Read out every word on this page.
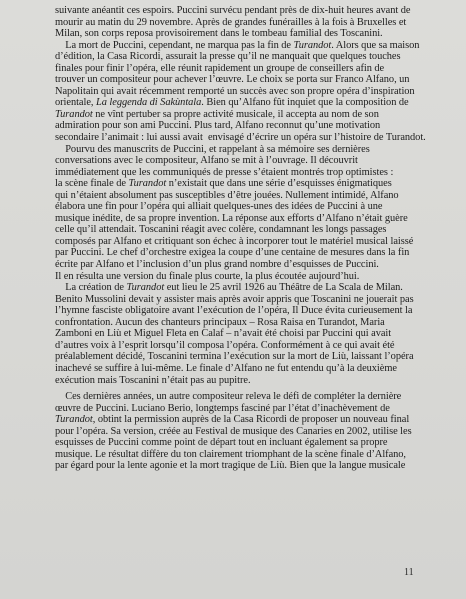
suivante anéantit ces espoirs. Puccini survécu pendant près de dix-huit heures avant de
mourir au matin du 29 novembre. Après de grandes funérailles à la fois à Bruxelles et
Milan, son corps reposa provisoirement dans le tombeau familial des Toscanini.
La mort de Puccini, cependant, ne marqua pas la fin de Turandot. Alors que sa maison
d’édition, la Casa Ricordi, assurait la presse qu’il ne manquait que quelques touches
finales pour finir l’opéra, elle réunit rapidement un groupe de conseillers afin de
trouver un compositeur pour achever l’œuvre. Le choix se porta sur Franco Alfano, un
Napolitain qui avait récemment remporté un succès avec son propre opéra d’inspiration
orientale, La leggenda di Sakùntala. Bien qu’Alfano fût inquiet que la composition de
Turandot ne vînt pertuber sa propre activité musicale, il accepta au nom de son
admiration pour son ami Puccini. Plus tard, Alfano reconnut qu’une motivation
secondaire l’animait : lui aussi avait  envisagé d’écrire un opéra sur l’histoire de Turandot.
Pourvu des manuscrits de Puccini, et rappelant à sa mémoire ses dernières
conversations avec le compositeur, Alfano se mit à l’ouvrage. Il découvrit
immédiatement que les communiqués de presse s’étaient montrés trop optimistes :
la scène finale de Turandot n’existait que dans une série d’esquisses énigmatiques
qui n’étaient absolument pas susceptibles d’être jouées. Nullement intimidé, Alfano
élabora une fin pour l’opéra qui alliait quelques-unes des idées de Puccini à une
musique inédite, de sa propre invention. La réponse aux efforts d’Alfano n’était guère
celle qu’il attendait. Toscanini réagit avec colère, condamnant les longs passages
composés par Alfano et critiquant son échec à incorporer tout le matériel musical laissé
par Puccini. Le chef d’orchestre exigea la coupe d’une centaine de mesures dans la fin
écrite par Alfano et l’inclusion d’un plus grand nombre d’esquisses de Puccini.
Il en résulta une version du finale plus courte, la plus écoutée aujourd’hui.
La création de Turandot eut lieu le 25 avril 1926 au Théâtre de La Scala de Milan.
Benito Mussolini devait y assister mais après avoir appris que Toscanini ne jouerait pas
l’hymne fasciste obligatoire avant l’exécution de l’opéra, Il Duce évita curieusement la
confrontation. Aucun des chanteurs principaux – Rosa Raisa en Turandot, Maria
Zamboni en Liù et Miguel Fleta en Calaf – n’avait été choisi par Puccini qui avait
d’autres voix à l’esprit lorsqu’il composa l’opéra. Conformément à ce qui avait été
préalablement décidé, Toscanini termina l’exécution sur la mort de Liù, laissant l’opéra
inachevé se suffire à lui-même. Le finale d’Alfano ne fut entendu qu’à la deuxième
exécution mais Toscanini n’était pas au pupitre.
Ces dernières années, un autre compositeur releva le défi de compléter la dernière
œuvre de Puccini. Luciano Berio, longtemps fasciné par l’état d’inachèvement de
Turandot, obtint la permission auprès de la Casa Ricordi de proposer un nouveau final
pour l’opéra. Sa version, créée au Festival de musique des Canaries en 2002, utilise les
esquisses de Puccini comme point de départ tout en incluant également sa propre
musique. Le résultat diffère du ton clairement triomphant de la scène finale d’Alfano,
par égard pour la lente agonie et la mort tragique de Liù. Bien que la langue musicale
11
